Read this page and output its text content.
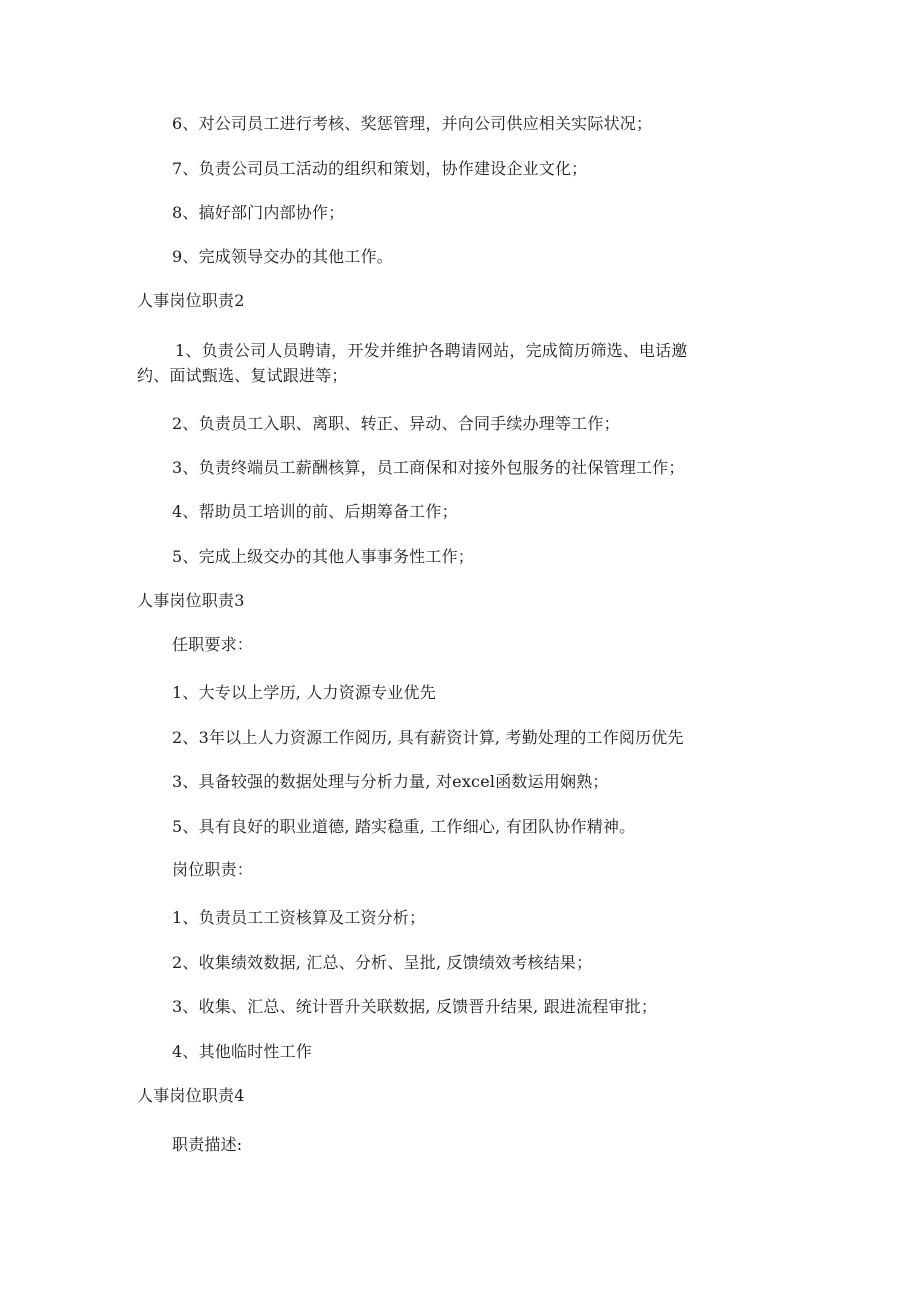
6、对公司员工进行考核、奖惩管理，并向公司供应相关实际状况；
7、负责公司员工活动的组织和策划，协作建设企业文化；
8、搞好部门内部协作；
9、完成领导交办的其他工作。
人事岗位职责2
1、负责公司人员聘请，开发并维护各聘请网站，完成简历筛选、电话邀
约、面试甄选、复试跟进等；
2、负责员工入职、离职、转正、异动、合同手续办理等工作；
3、负责终端员工薪酬核算，员工商保和对接外包服务的社保管理工作；
4、帮助员工培训的前、后期筹备工作；
5、完成上级交办的其他人事事务性工作；
人事岗位职责3
任职要求：
1、大专以上学历, 人力资源专业优先
2、3年以上人力资源工作阅历, 具有薪资计算, 考勤处理的工作阅历优先
3、具备较强的数据处理与分析力量, 对excel函数运用娴熟；
5、具有良好的职业道德, 踏实稳重, 工作细心, 有团队协作精神。
岗位职责：
1、负责员工工资核算及工资分析；
2、收集绩效数据, 汇总、分析、呈批, 反馈绩效考核结果；
3、收集、汇总、统计晋升关联数据, 反馈晋升结果, 跟进流程审批；
4、其他临时性工作
人事岗位职责4
职责描述:
